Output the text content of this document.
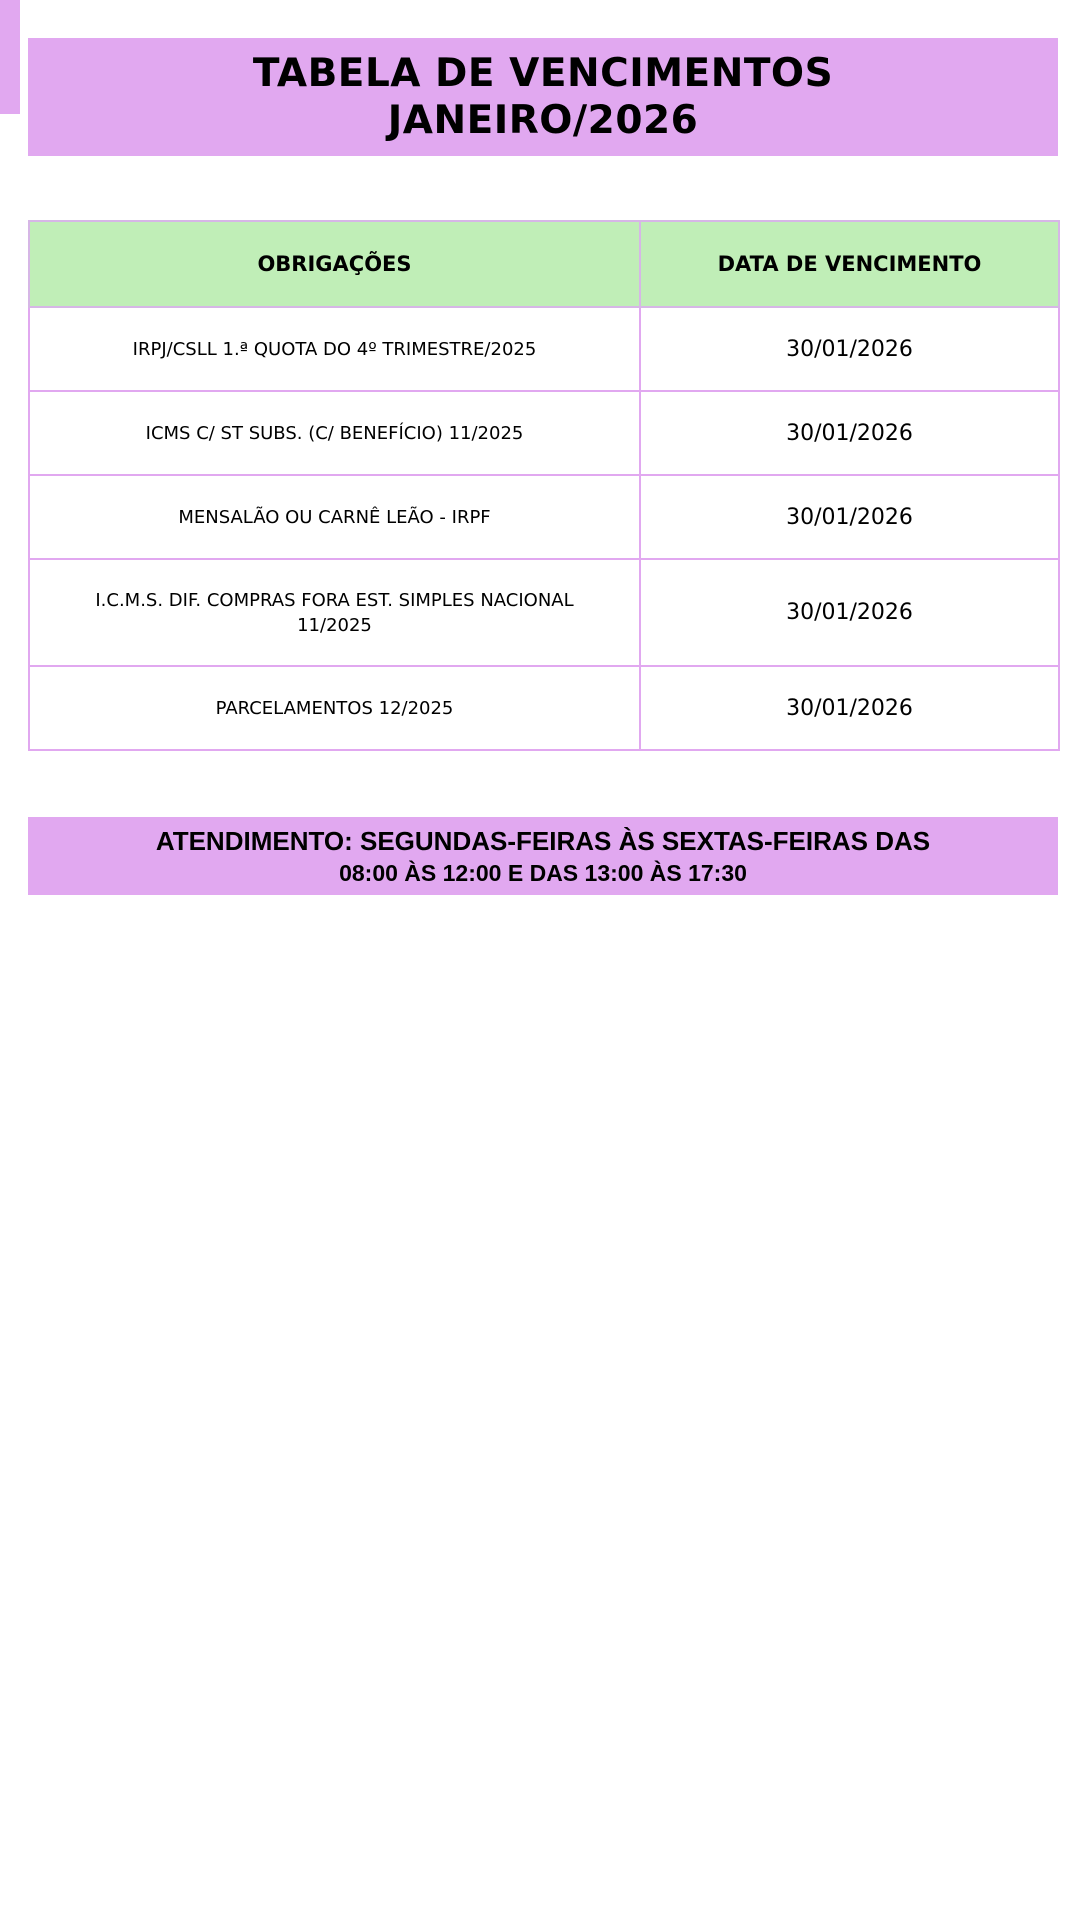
TABELA DE VENCIMENTOS
JANEIRO/2026
OBRIGAÇÕES	DATA DE VENCIMENTO
IRPJ/CSLL 1.ª QUOTA DO 4º TRIMESTRE/2025	30/01/2026
ICMS C/ ST SUBS. (C/ BENEFÍCIO) 11/2025	30/01/2026
MENSALÃO OU CARNÊ LEÃO - IRPF	30/01/2026
I.C.M.S. DIF. COMPRAS FORA EST. SIMPLES NACIONAL 11/2025	30/01/2026
PARCELAMENTOS 12/2025	30/01/2026
ATENDIMENTO: SEGUNDAS-FEIRAS ÀS SEXTAS-FEIRAS DAS
08:00 ÀS 12:00 E DAS 13:00 ÀS 17:30
